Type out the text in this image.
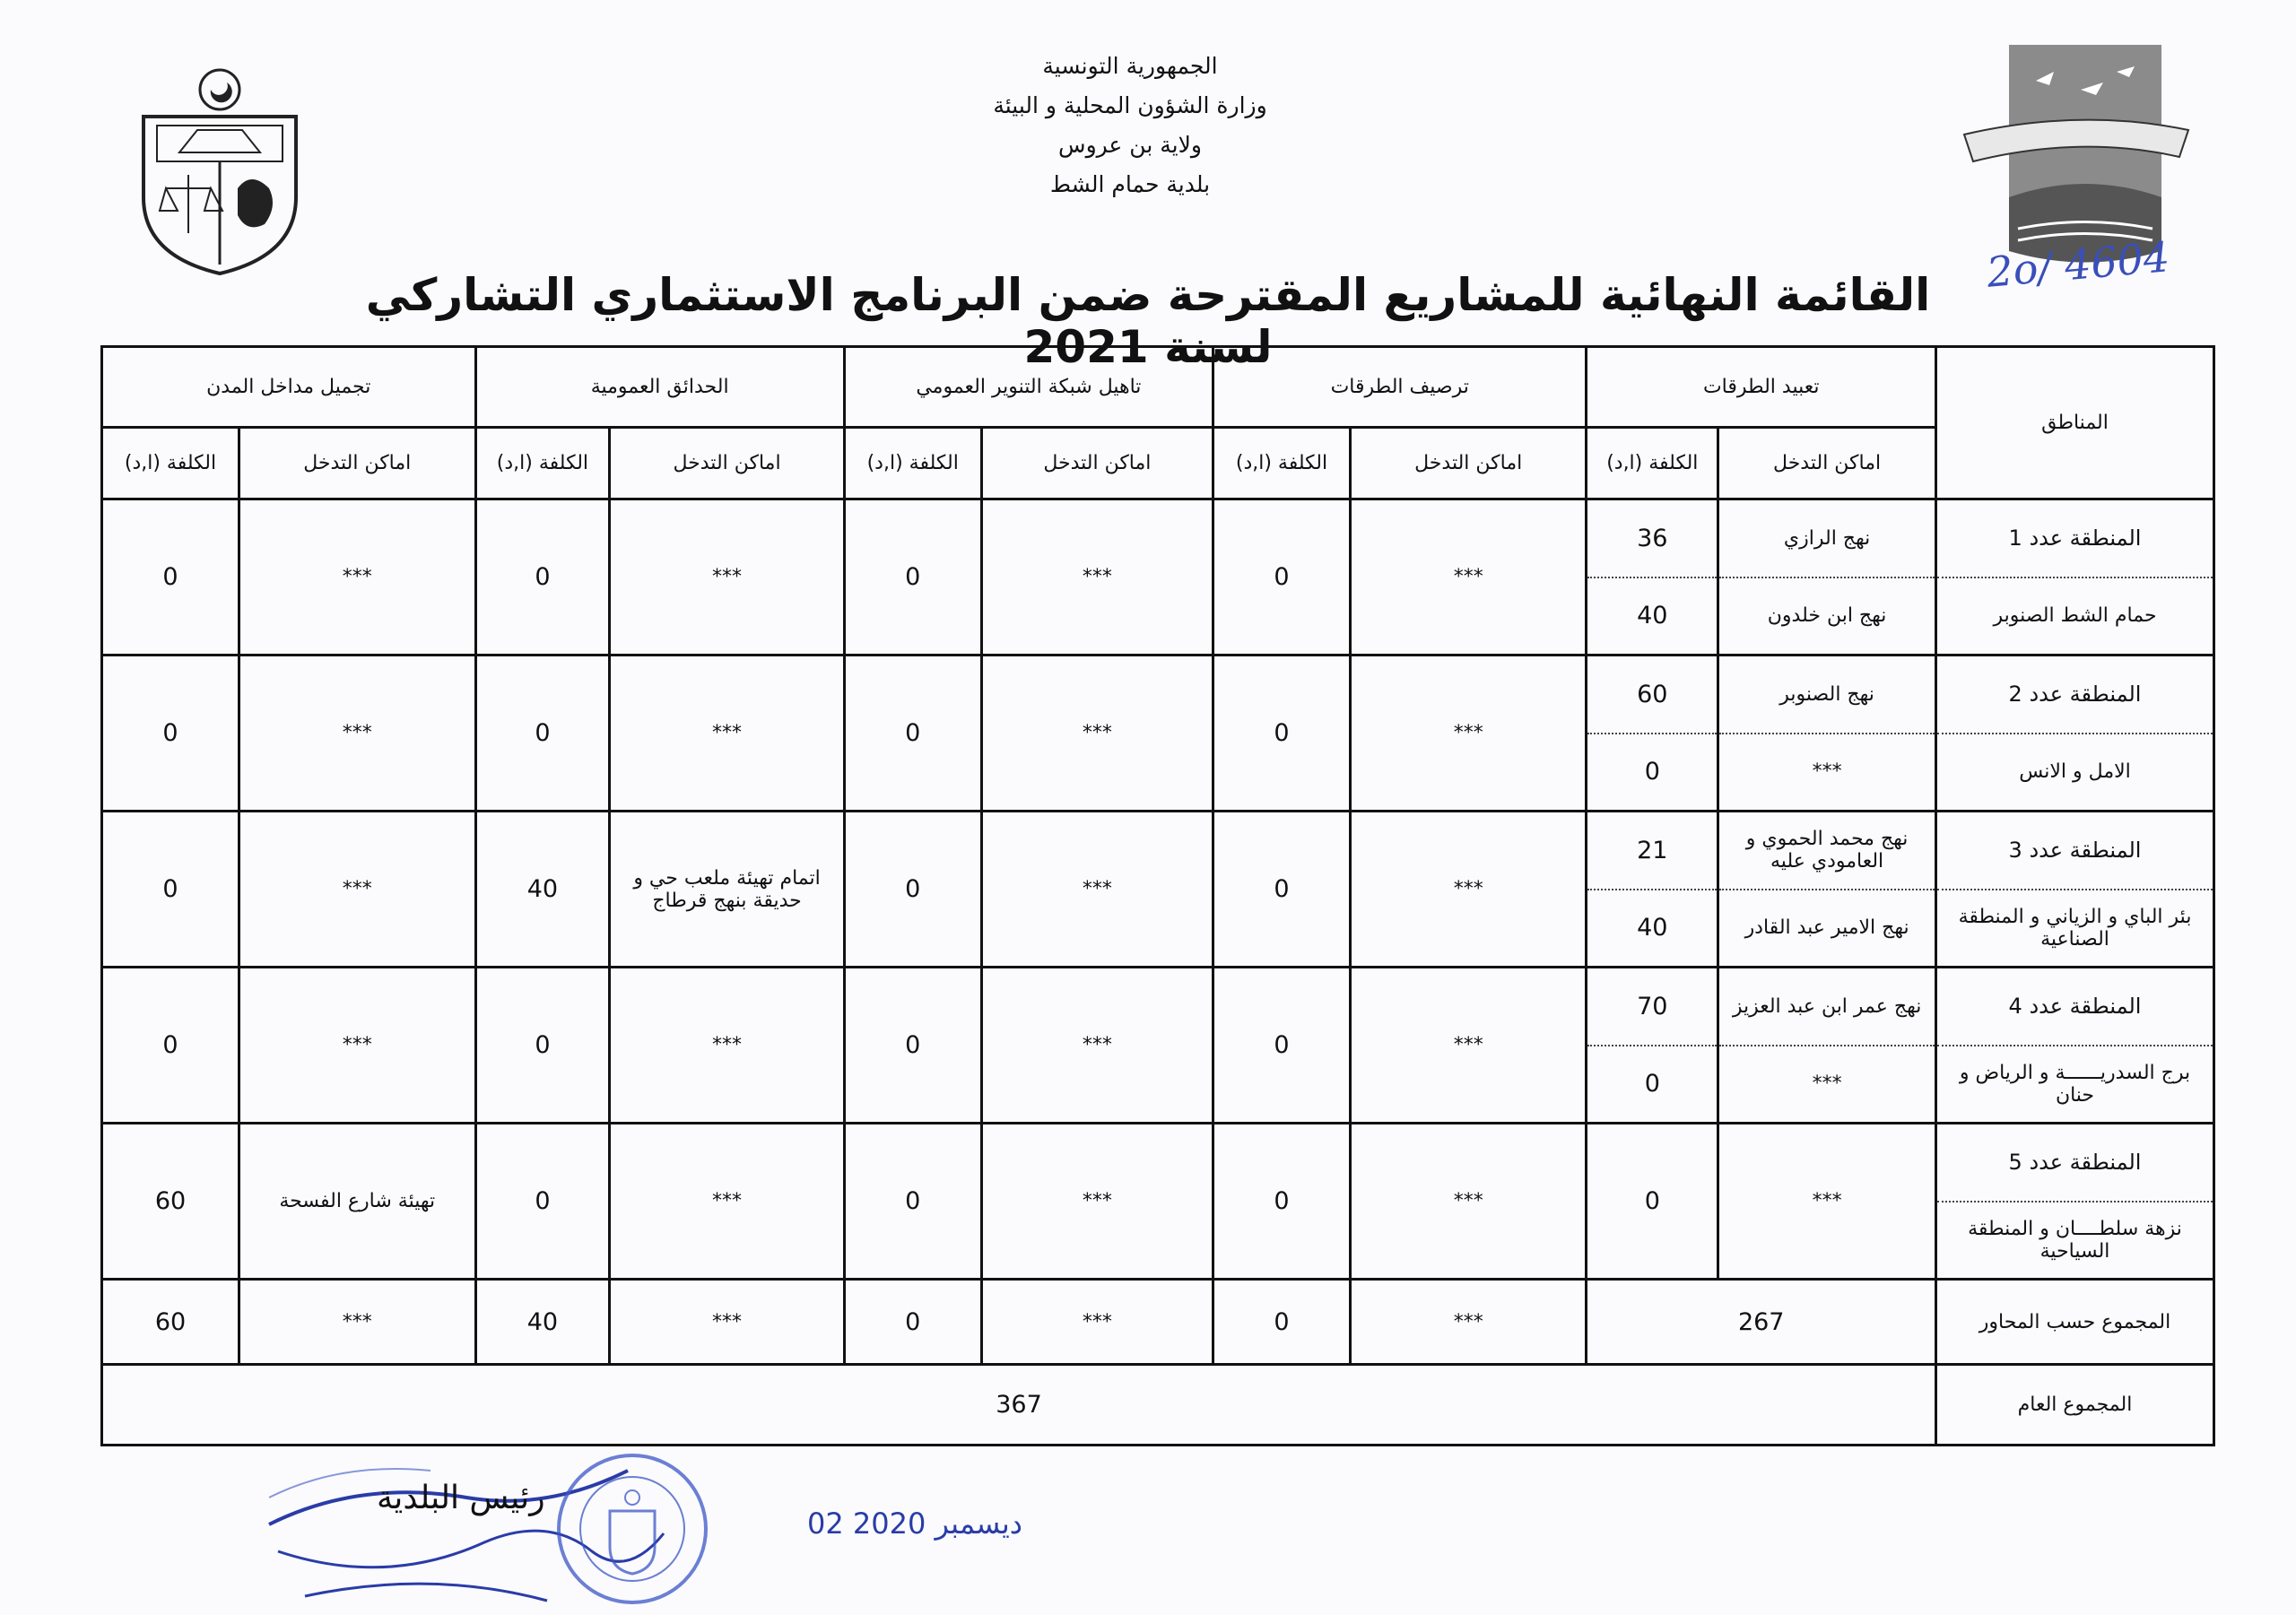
الجمهورية التونسية
وزارة الشؤون المحلية و البيئة
ولاية بن عروس
بلدية حمام الشط
2ο/ 4604
القائمة النهائية للمشاريع المقترحة ضمن البرنامج الاستثماري التشاركي لسنة 2021
المناطق	تعبيد الطرقات		ترصيف الطرقات		تاهيل شبكة التنوير العمومي		الحدائق العمومية		تجميل مداخل المدن	
	اماكن التدخل	الكلفة (ا,د)	اماكن التدخل	الكلفة (ا,د)	اماكن التدخل	الكلفة (ا,د)	اماكن التدخل	الكلفة (ا,د)	اماكن التدخل	الكلفة (ا,د)
المنطقة عدد 1	نهج الرازي	36	***	0	***	0	***	0	***	0
حمام الشط الصنوبر	نهج ابن خلدون	40								
المنطقة عدد 2	نهج الصنوبر	60	***	0	***	0	***	0	***	0
الامل و الانس	***	0								
المنطقة عدد 3	نهج محمد الحموي و العامودي عليه	21	***	0	***	0	اتمام تهيئة ملعب حي و حديقة بنهج قرطاج	40	***	0
بئر الباي و الزياني و المنطقة الصناعية	نهج الامير عبد القادر	40								
المنطقة عدد 4	نهج عمر ابن عبد العزيز	70	***	0	***	0	***	0	***	0
برج السدريــــــة و الرياض و حنان	***	0								
المنطقة عدد 5	***	0	***	0	***	0	***	0	تهيئة شارع الفسحة	60
نزهة سلطــــان و المنطقة السياحية										
المجموع حسب المحاور	267		***	0	***	0	***	40	***	60
المجموع العام	367									
رئيس البلدية
02 ديسمبر 2020
